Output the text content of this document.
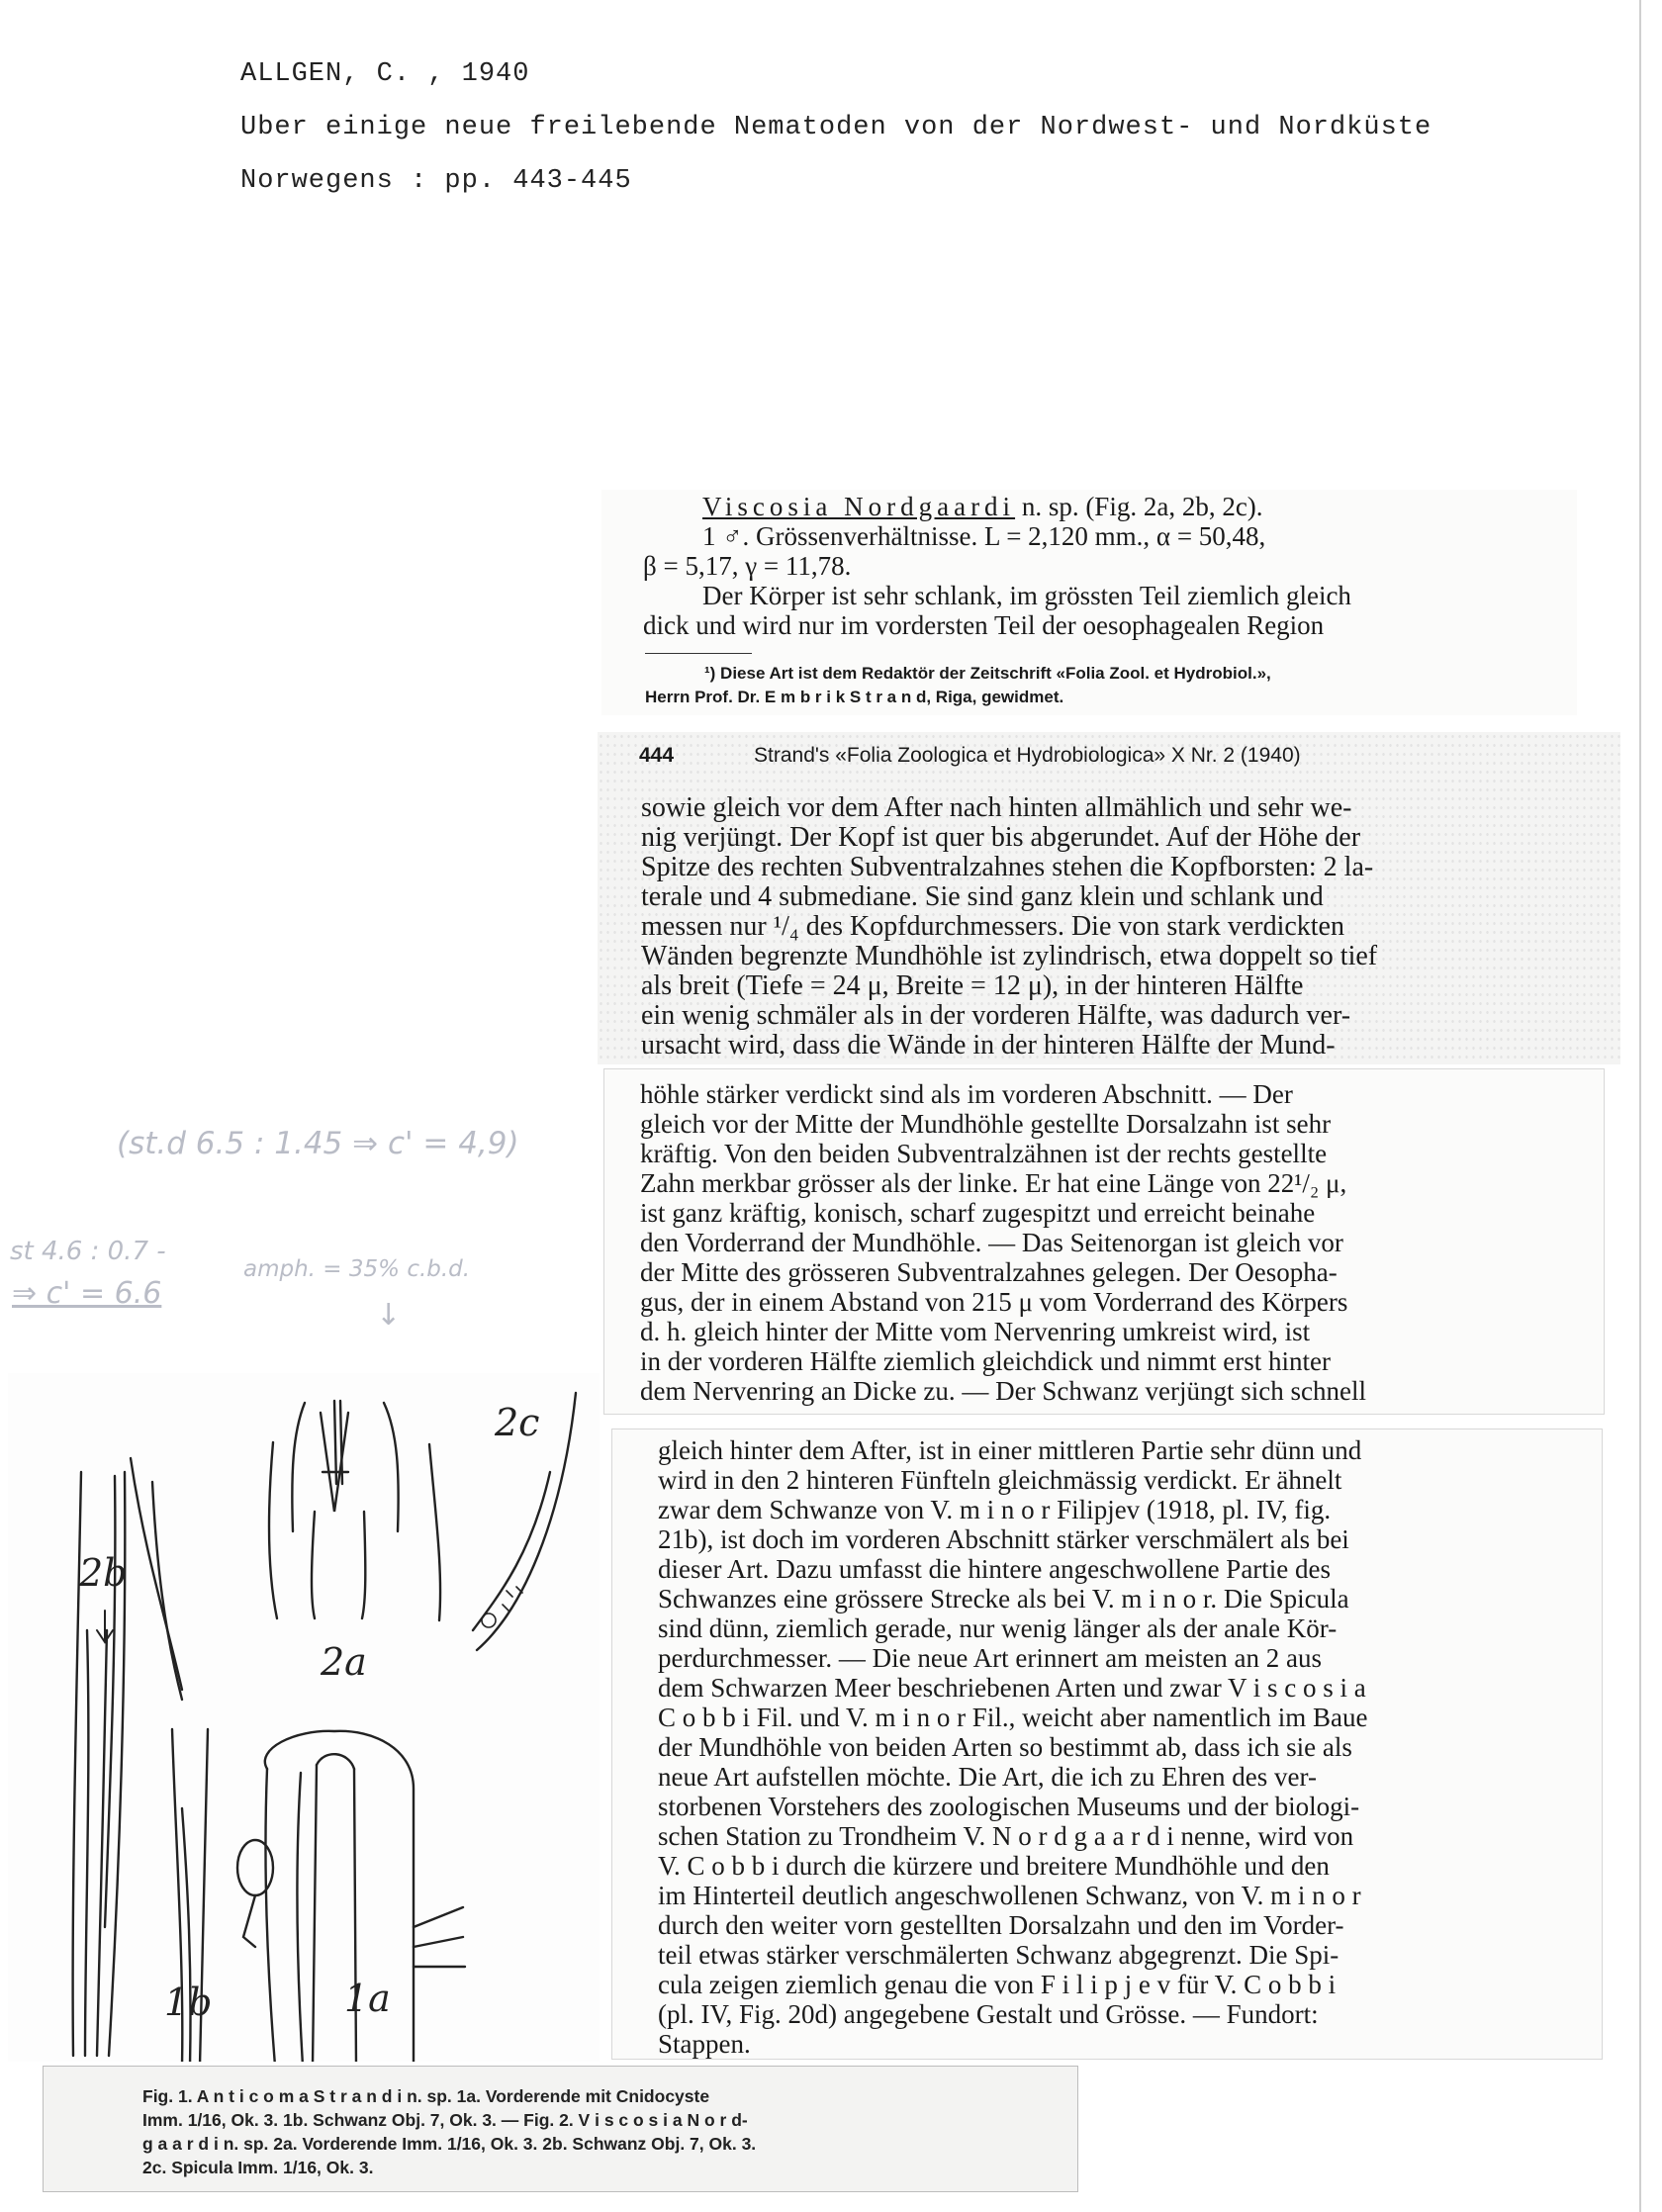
ALLGEN, C. , 1940
Uber einige neue freilebende Nematoden von der Nordwest- und Nordküste
Norwegens : pp. 443-445
Viscosia Nordgaardi n. sp. (Fig. 2a, 2b, 2c).
1 ♂. Grössenverhältnisse. L = 2,120 mm., α = 50,48,
β = 5,17, γ = 11,78.
Der Körper ist sehr schlank, im grössten Teil ziemlich gleich
dick und wird nur im vordersten Teil der oesophagealen Region
¹) Diese Art ist dem Redaktör der Zeitschrift «Folia Zool. et Hydrobiol.»,
Herrn Prof. Dr. E m b r i k S t r a n d, Riga, gewidmet.
444	Strand's «Folia Zoologica et Hydrobiologica» X Nr. 2 (1940)
sowie gleich vor dem After nach hinten allmählich und sehr we-
nig verjüngt. Der Kopf ist quer bis abgerundet. Auf der Höhe der
Spitze des rechten Subventralzahnes stehen die Kopfborsten: 2 la-
terale und 4 submediane. Sie sind ganz klein und schlank und
messen nur ¹/₄ des Kopfdurchmessers. Die von stark verdickten
Wänden begrenzte Mundhöhle ist zylindrisch, etwa doppelt so tief
als breit (Tiefe = 24 μ, Breite = 12 μ), in der hinteren Hälfte
ein wenig schmäler als in der vorderen Hälfte, was dadurch ver-
ursacht wird, dass die Wände in der hinteren Hälfte der Mund-
höhle stärker verdickt sind als im vorderen Abschnitt. — Der
gleich vor der Mitte der Mundhöhle gestellte Dorsalzahn ist sehr
kräftig. Von den beiden Subventralzähnen ist der rechts gestellte
Zahn merkbar grösser als der linke. Er hat eine Länge von 22¹/₂ μ,
ist ganz kräftig, konisch, scharf zugespitzt und erreicht beinahe
den Vorderrand der Mundhöhle. — Das Seitenorgan ist gleich vor
der Mitte des grösseren Subventralzahnes gelegen. Der Oesopha-
gus, der in einem Abstand von 215 μ vom Vorderrand des Körpers
d. h. gleich hinter der Mitte vom Nervenring umkreist wird, ist
in der vorderen Hälfte ziemlich gleichdick und nimmt erst hinter
dem Nervenring an Dicke zu. — Der Schwanz verjüngt sich schnell
gleich hinter dem After, ist in einer mittleren Partie sehr dünn und
wird in den 2 hinteren Fünfteln gleichmässig verdickt. Er ähnelt
zwar dem Schwanze von V. m i n o r Filipjev (1918, pl. IV, fig.
21b), ist doch im vorderen Abschnitt stärker verschmälert als bei
dieser Art. Dazu umfasst die hintere angeschwollene Partie des
Schwanzes eine grössere Strecke als bei V. m i n o r. Die Spicula
sind dünn, ziemlich gerade, nur wenig länger als der anale Kör-
perdurchmesser. — Die neue Art erinnert am meisten an 2 aus
dem Schwarzen Meer beschriebenen Arten und zwar V i s c o s i a
C o b b i Fil. und V. m i n o r Fil., weicht aber namentlich im Baue
der Mundhöhle von beiden Arten so bestimmt ab, dass ich sie als
neue Art aufstellen möchte. Die Art, die ich zu Ehren des ver-
storbenen Vorstehers des zoologischen Museums und der biologi-
schen Station zu Trondheim V. N o r d g a a r d i nenne, wird von
V. C o b b i durch die kürzere und breitere Mundhöhle und den
im Hinterteil deutlich angeschwollenen Schwanz, von V. m i n o r
durch den weiter vorn gestellten Dorsalzahn und den im Vorder-
teil etwas stärker verschmälerten Schwanz abgegrenzt. Die Spi-
cula zeigen ziemlich genau die von F i l i p j e v für V. C o b b i
(pl. IV, Fig. 20d) angegebene Gestalt und Grösse. — Fundort:
Stappen.
(st.d 6.5 : 1.45 ⇒ c' = 4,9)
st 4.6 : 0.7 -
⇒ c' = 6.6
amph. = 35% c.b.d.
↓
2c
2b
2a
1b	1a
Fig. 1. A n t i c o m a S t r a n d i n. sp. 1a. Vorderende mit Cnidocyste
Imm. 1/16, Ok. 3. 1b. Schwanz Obj. 7, Ok. 3. — Fig. 2. V i s c o s i a N o r d-
g a a r d i n. sp. 2a. Vorderende Imm. 1/16, Ok. 3. 2b. Schwanz Obj. 7, Ok. 3.
2c. Spicula Imm. 1/16, Ok. 3.
